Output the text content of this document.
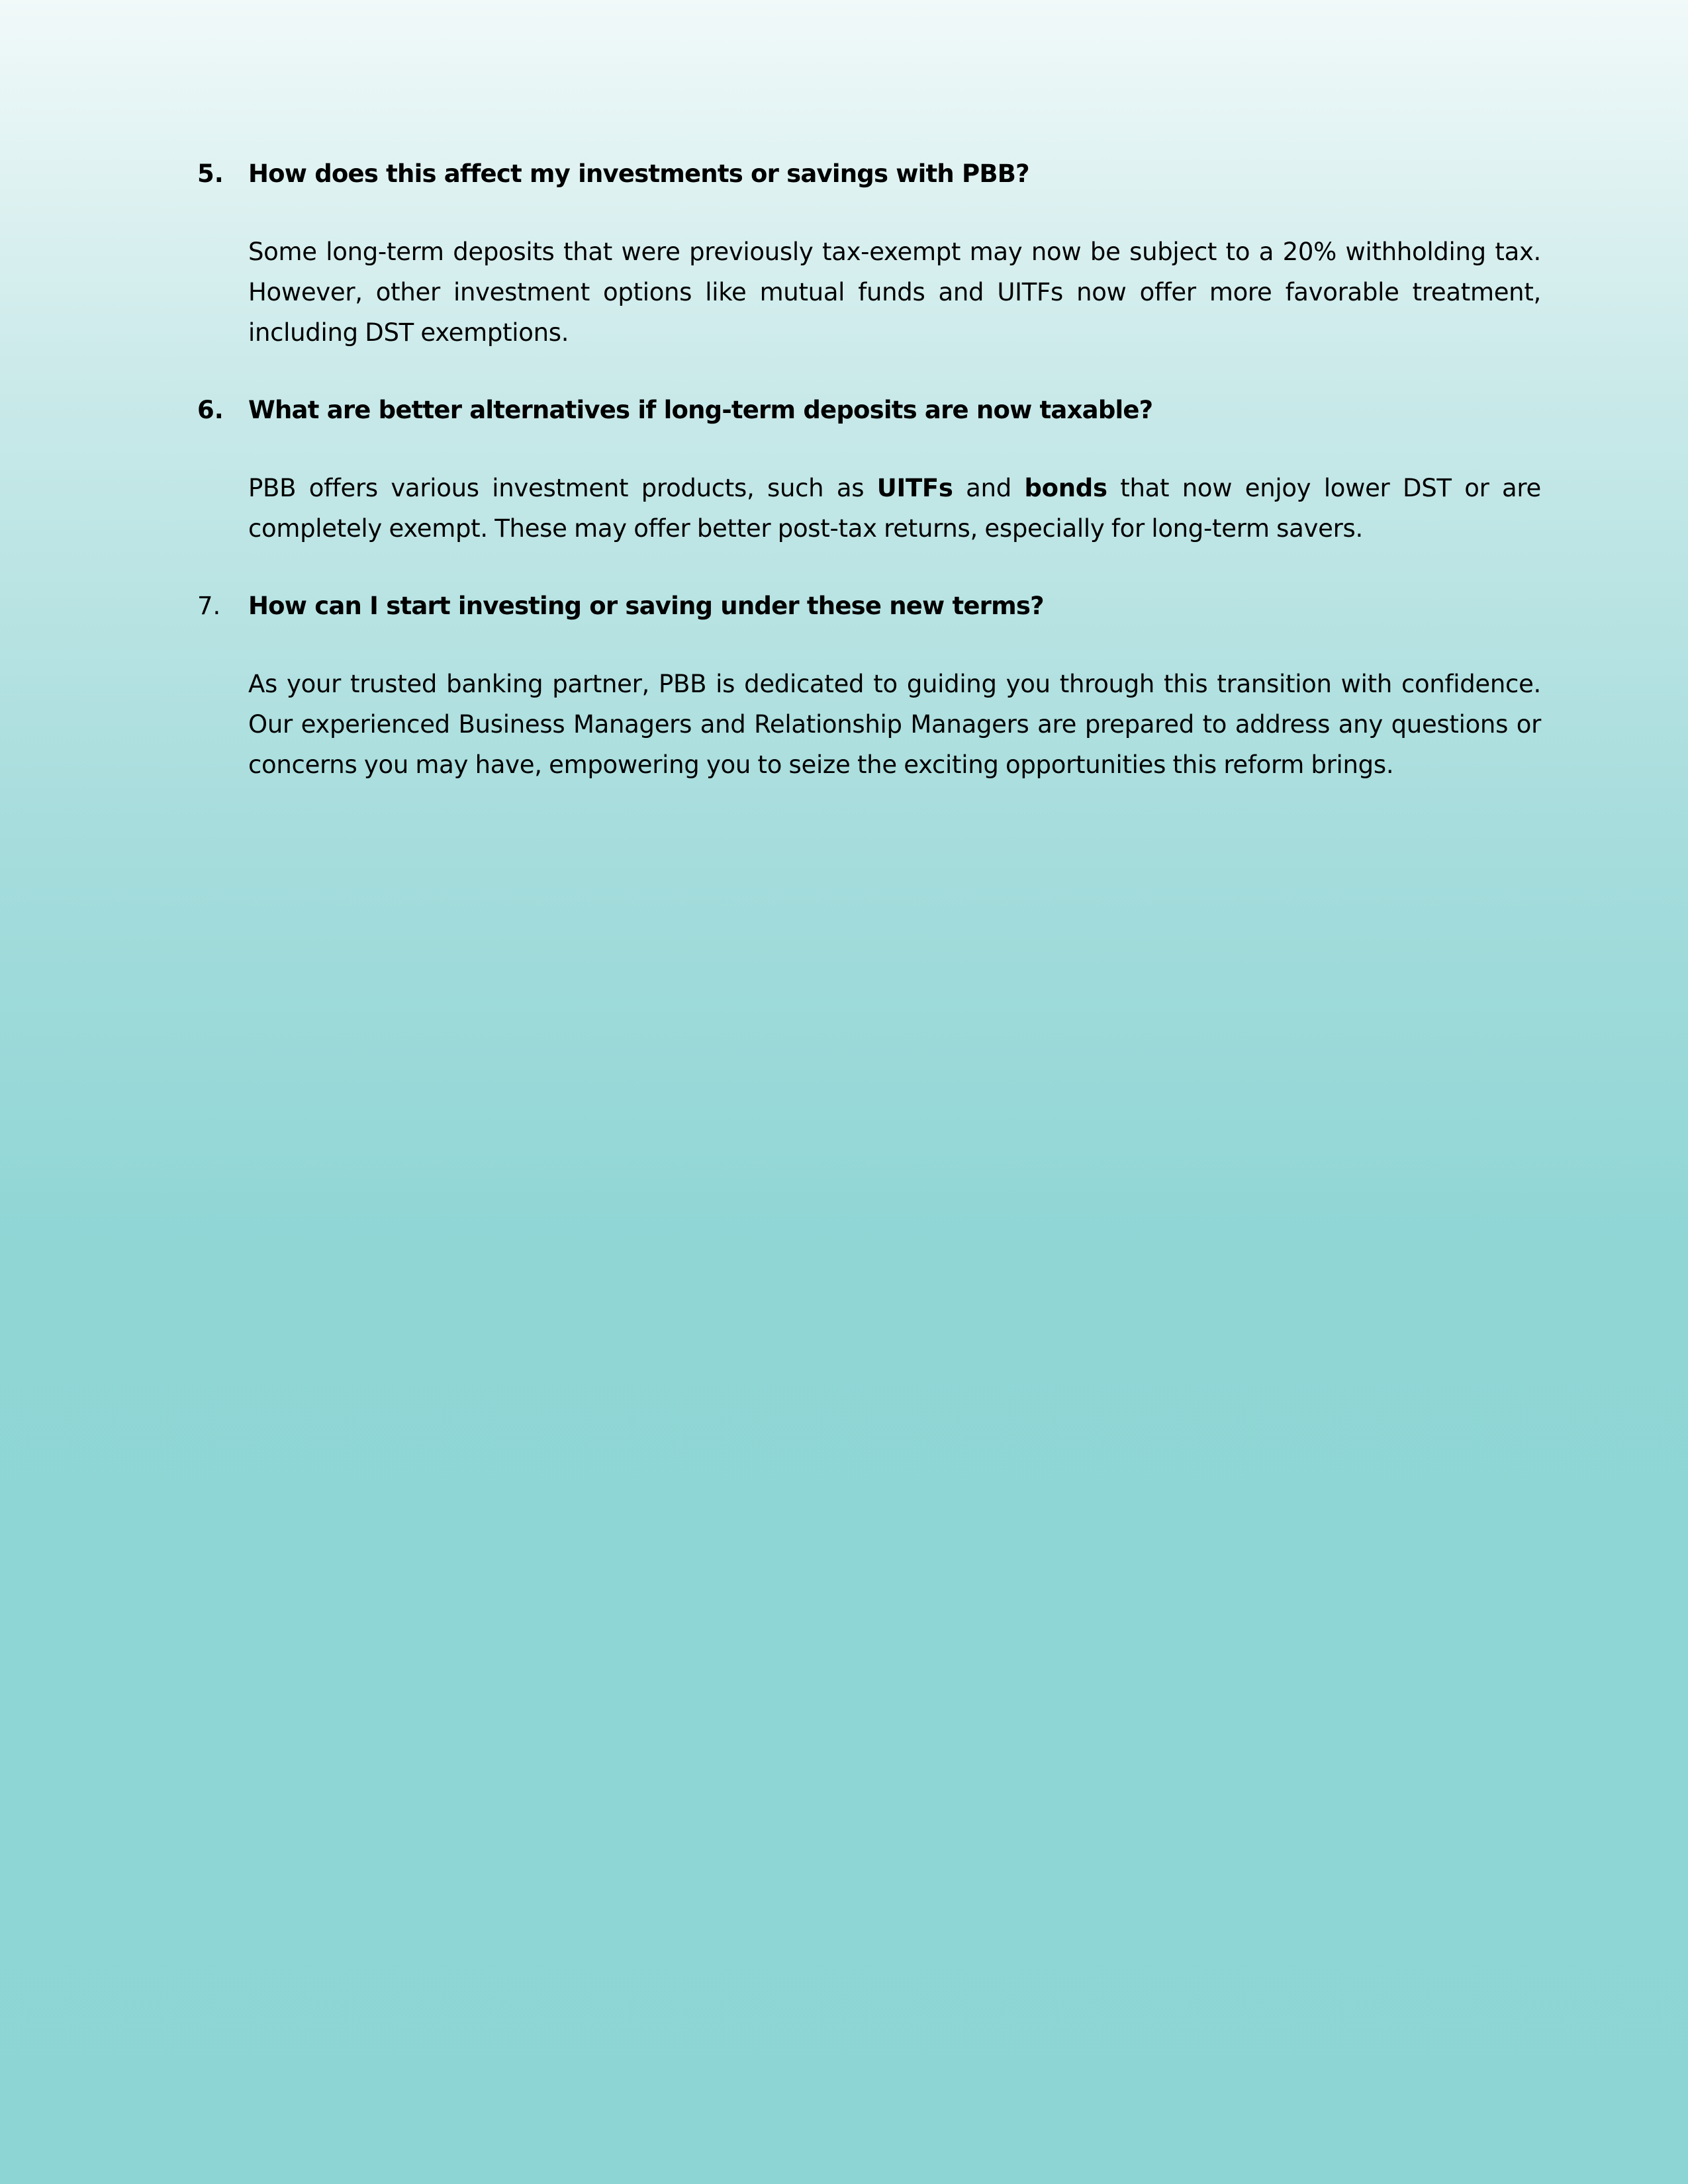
5.	How does this affect my investments or savings with PBB?
Some long-term deposits that were previously tax-exempt may now be subject to a 20% withholding tax. However, other investment options like mutual funds and UITFs now offer more favorable treatment, including DST exemptions.
6.	What are better alternatives if long-term deposits are now taxable?
PBB offers various investment products, such as UITFs and bonds that now enjoy lower DST or are completely exempt. These may offer better post-tax returns, especially for long-term savers.
7.	How can I start investing or saving under these new terms?
As your trusted banking partner, PBB is dedicated to guiding you through this transition with confidence. Our experienced Business Managers and Relationship Managers are prepared to address any questions or concerns you may have, empowering you to seize the exciting opportunities this reform brings.
